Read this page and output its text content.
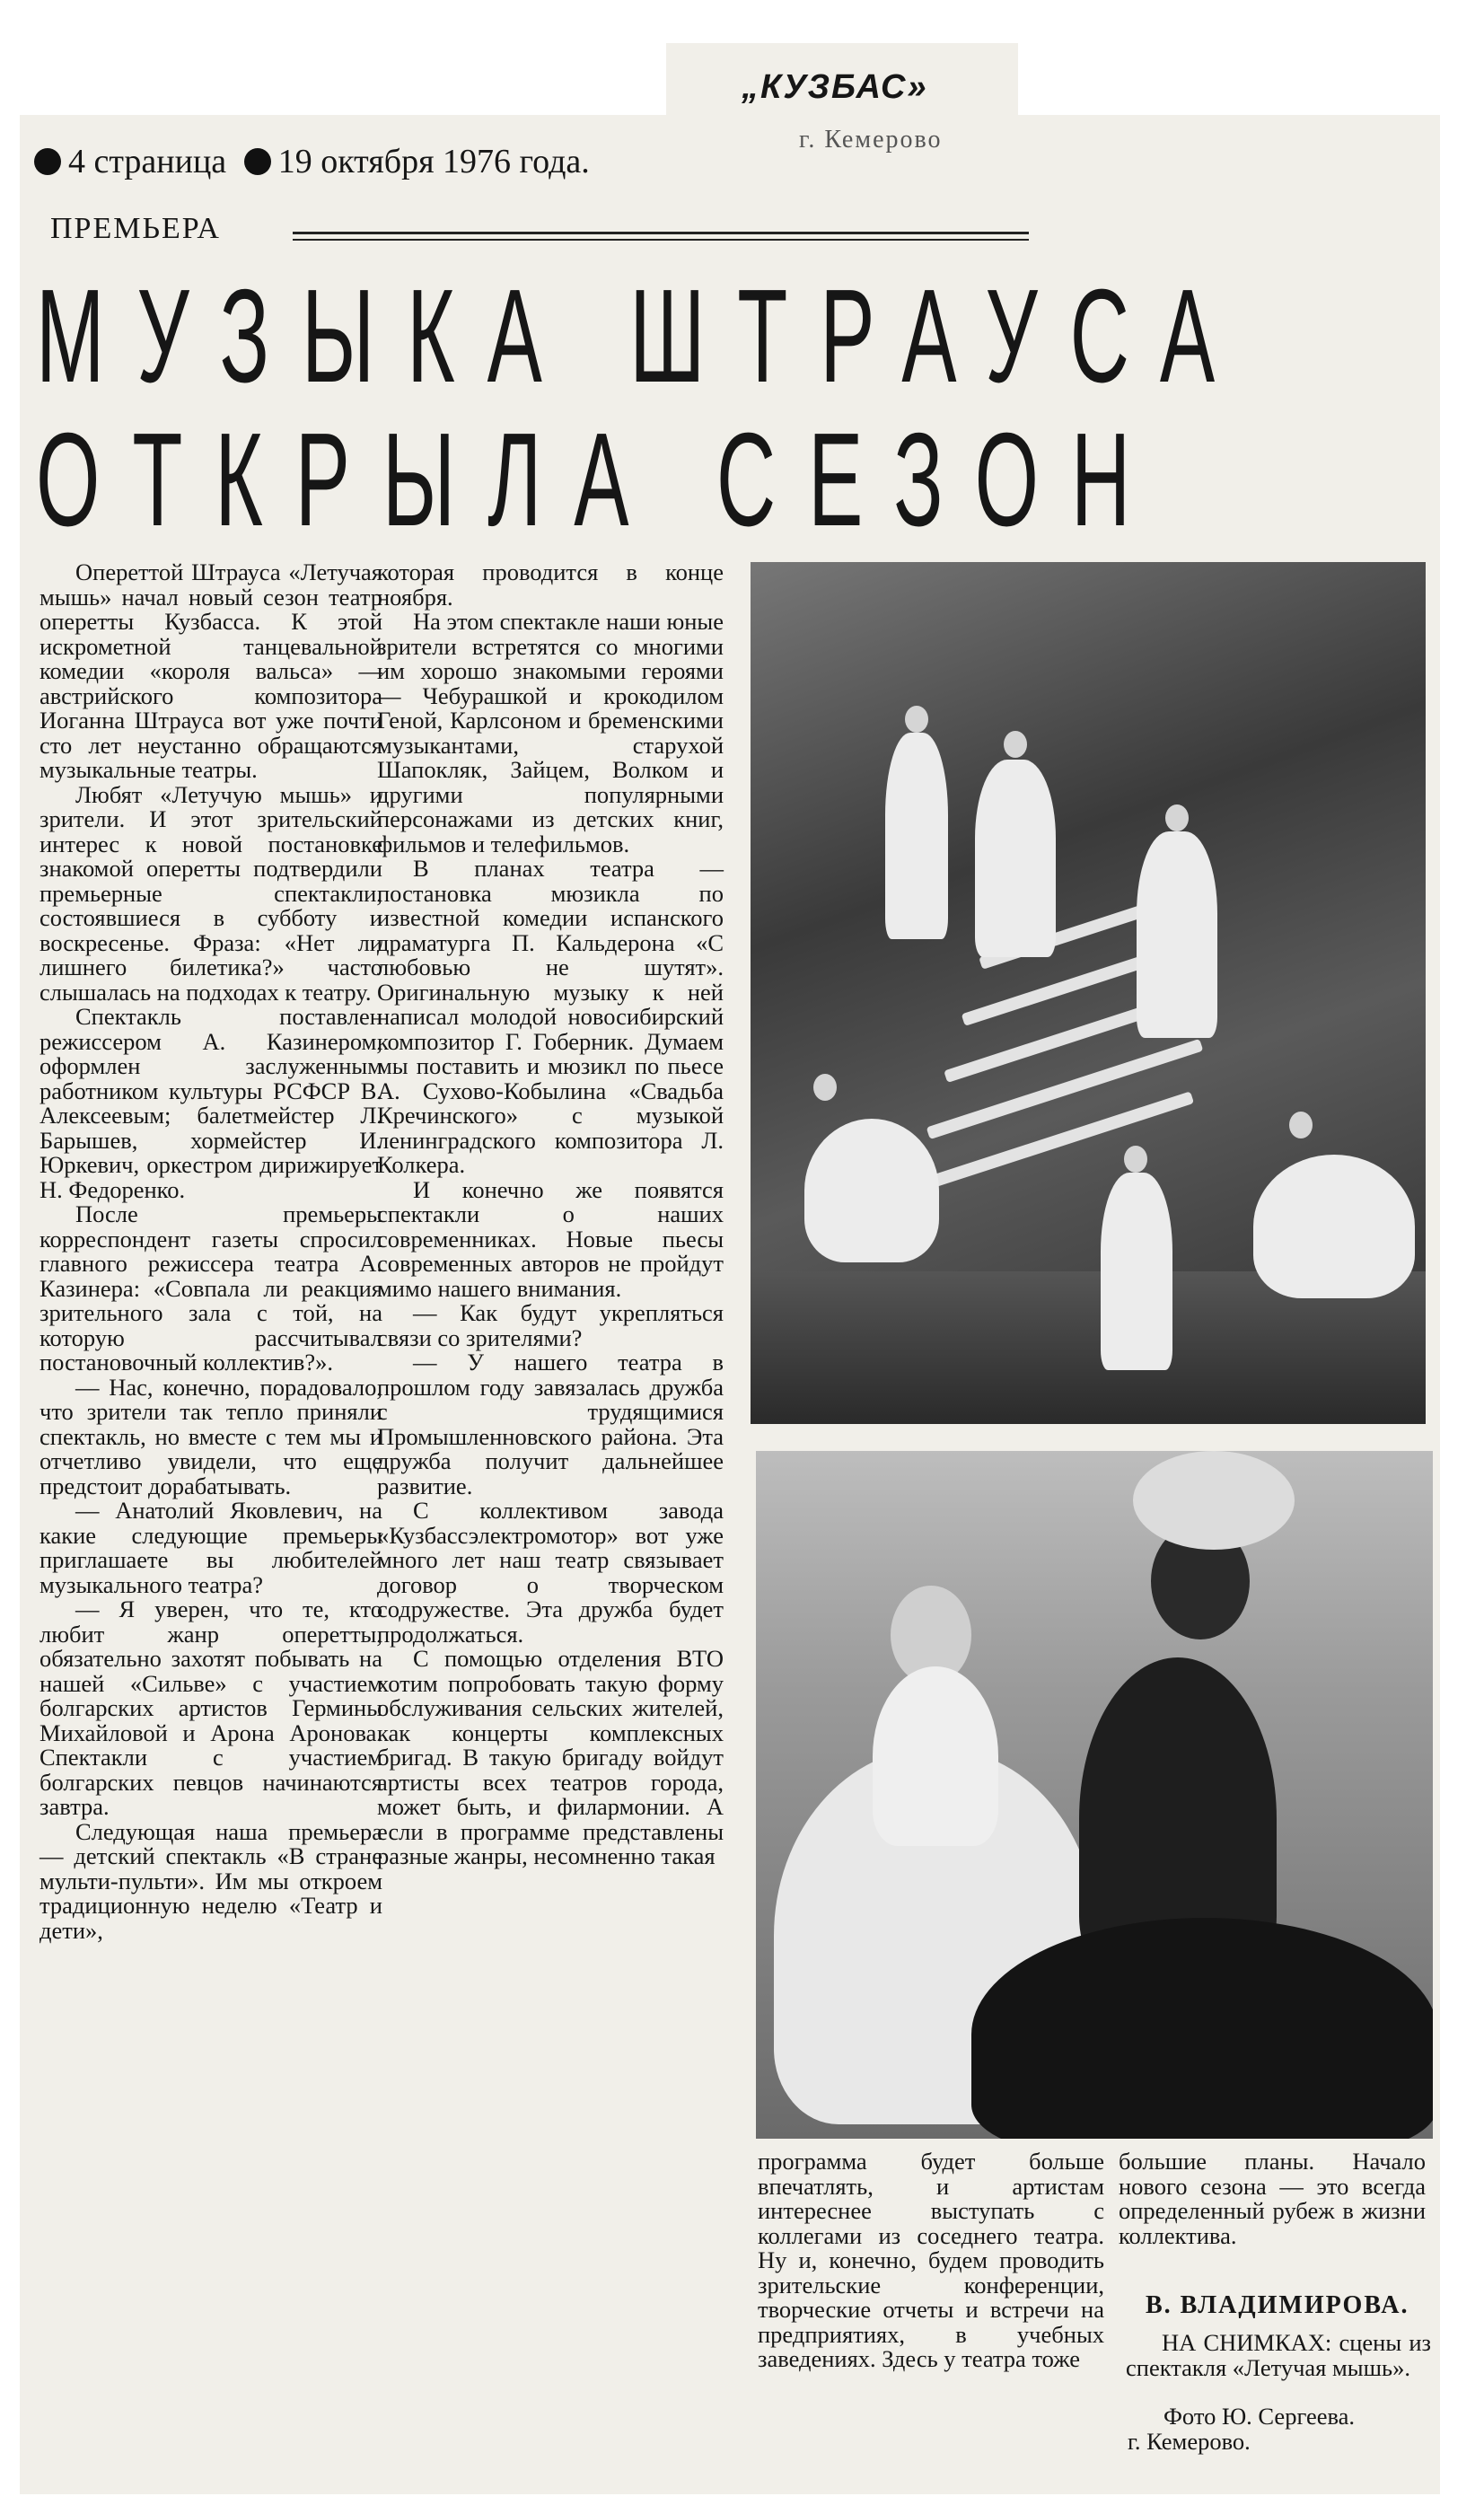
„КУЗБАС»
г. Кемерово
4 страница 19 октября 1976 года.
ПРЕМЬЕРА
МУЗЫКА ШТРАУСА
ОТКРЫЛА СЕЗОН

Опереттой Штрауса «Летучая мышь» начал новый сезон театр оперетты Кузбасса. К этой искрометной танцевальной комедии «короля вальса» — австрийского композитора Иоганна Штрауса вот уже почти сто лет неустанно обращаются музыкальные театры.

Любят «Летучую мышь» и зрители. И этот зрительский интерес к новой постановке знакомой оперетты подтвердили премьерные спектакли, состоявшиеся в субботу и воскресенье. Фраза: «Нет ли лишнего билетика?» часто слышалась на подходах к театру.

Спектакль поставлен режиссером А. Казинером, оформлен заслуженным работником культуры РСФСР В. Алексеевым; балетмейстер Л. Барышев, хормейстер И. Юркевич, оркестром дирижирует Н. Федоренко.

После премьеры корреспондент газеты спросил главного режиссера театра А. Казинера: «Совпала ли реакция зрительного зала с той, на которую рассчитывал постановочный коллектив?».

— Нас, конечно, порадовало, что зрители так тепло приняли спектакль, но вместе с тем мы и отчетливо увидели, что еще предстоит дорабатывать.

— Анатолий Яковлевич, на какие следующие премьеры приглашаете вы любителей музыкального театра?

— Я уверен, что те, кто любит жанр оперетты, обязательно захотят побывать на нашей «Сильве» с участием болгарских артистов Гермины Михайловой и Арона Аронова. Спектакли с участием болгарских певцов начинаются завтра.

Следующая наша премьера — детский спектакль «В стране мульти-пульти». Им мы откроем традиционную неделю «Театр и дети»,

которая проводится в конце ноября.

На этом спектакле наши юные зрители встретятся со многими им хорошо знакомыми героями — Чебурашкой и крокодилом Геной, Карлсоном и бременскими музыкантами, старухой Шапокляк, Зайцем, Волком и другими популярными персонажами из детских книг, фильмов и телефильмов.

В планах театра — постановка мюзикла по известной комедии испанского драматурга П. Кальдерона «С любовью не шутят». Оригинальную музыку к ней написал молодой новосибирский композитор Г. Гоберник. Думаем мы поставить и мюзикл по пьесе А. Сухово-Кобылина «Свадьба Кречинского» с музыкой ленинградского композитора Л. Колкера.

И конечно же появятся спектакли о наших современниках. Новые пьесы современных авторов не пройдут мимо нашего внимания.

— Как будут укрепляться связи со зрителями?

— У нашего театра в прошлом году завязалась дружба с трудящимися Промышленновского района. Эта дружба получит дальнейшее развитие.

С коллективом завода «Кузбассэлектромотор» вот уже много лет наш театр связывает договор о творческом содружестве. Эта дружба будет продолжаться.

С помощью отделения ВТО хотим попробовать такую форму обслуживания сельских жителей, как концерты комплексных бригад. В такую бригаду войдут артисты всех театров города, может быть, и филармонии. А если в программе представлены разные жанры, несомненно такая

программа будет больше впечатлять, и артистам интереснее выступать с коллегами из соседнего театра. Ну и, конечно, будем проводить зрительские конференции, творческие отчеты и встречи на предприятиях, в учебных заведениях. Здесь у театра тоже

большие планы. Начало нового сезона — это всегда определенный рубеж в жизни коллектива.

В. ВЛАДИМИРОВА.

НА СНИМКАХ: сцены из спектакля «Летучая мышь».

Фото Ю. Сергеева.
г. Кемерово.
